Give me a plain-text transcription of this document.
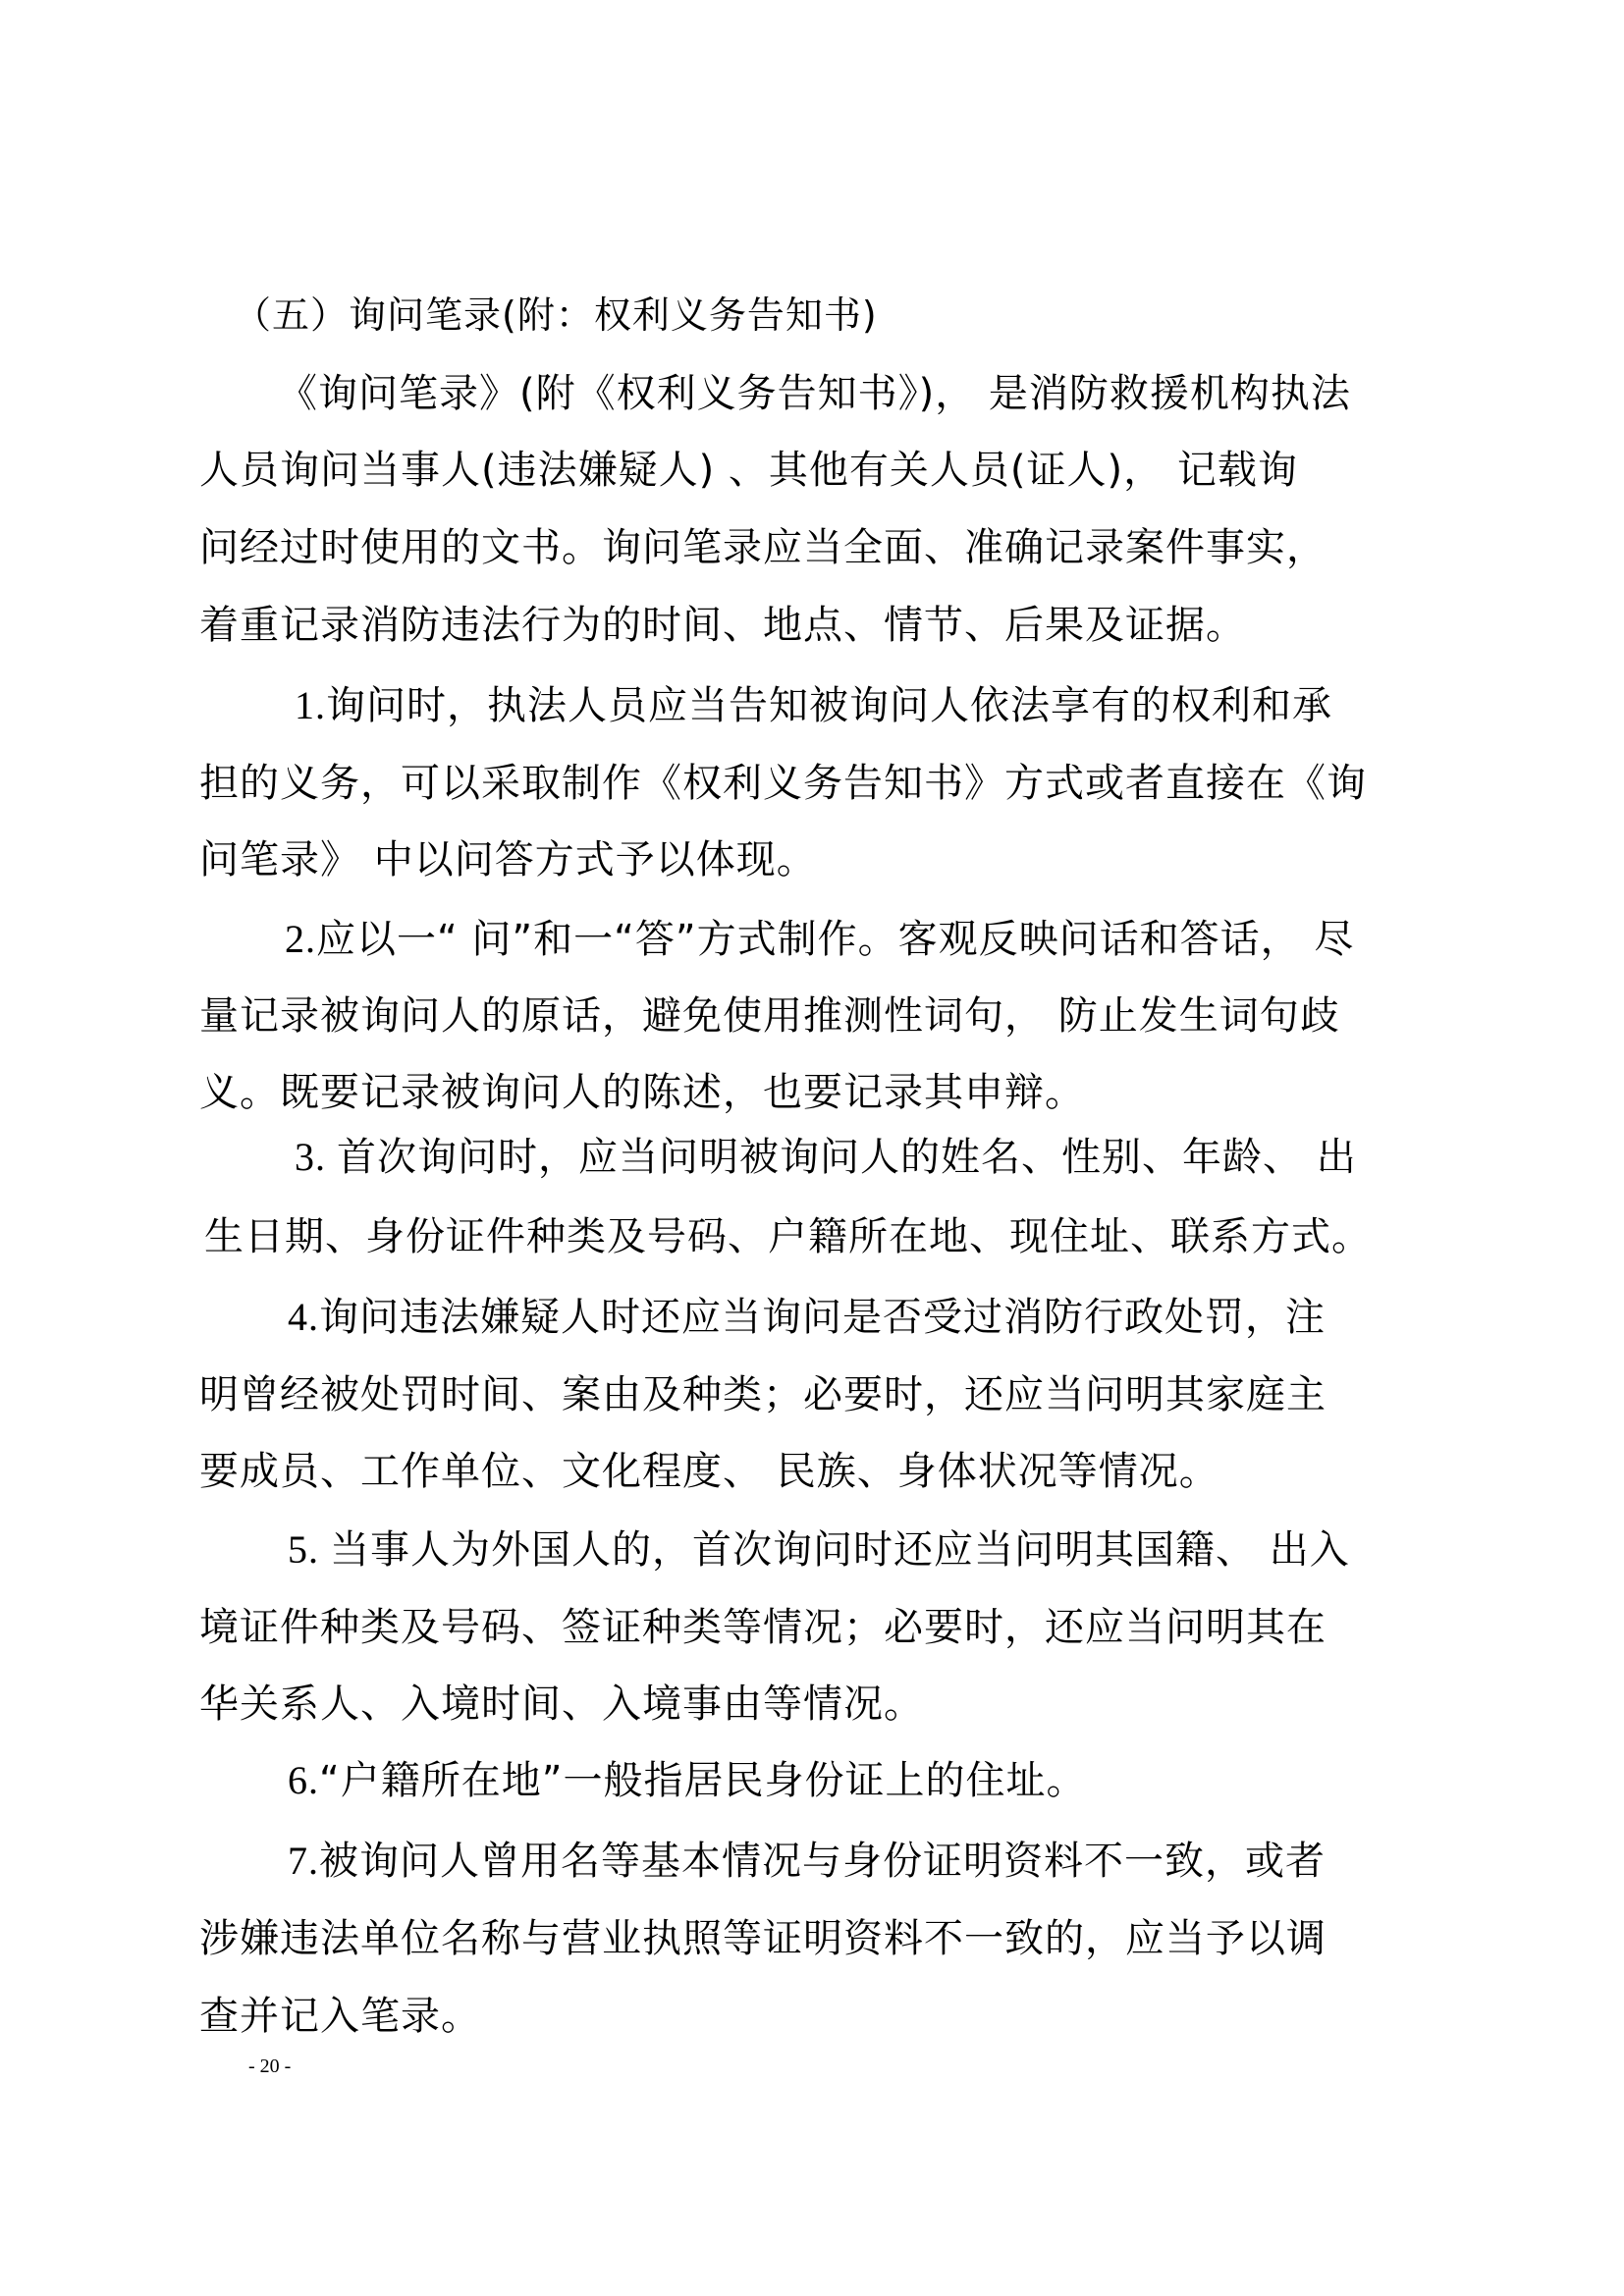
（五）询问笔录(附：权利义务告知书)
《询问笔录》(附《权利义务告知书》)， 是消防救援机构执法
人员询问当事人(违法嫌疑人) 、其他有关人员(证人)， 记载询
问经过时使用的文书。询问笔录应当全面、准确记录案件事实，
着重记录消防违法行为的时间、地点、情节、后果及证据。
1.询问时，执法人员应当告知被询问人依法享有的权利和承
担的义务，可以采取制作《权利义务告知书》方式或者直接在《询
问笔录》 中以问答方式予以体现。
2.应以一“ 问”和一“答”方式制作。客观反映问话和答话， 尽
量记录被询问人的原话，避免使用推测性词句， 防止发生词句歧
义。既要记录被询问人的陈述，也要记录其申辩。
3. 首次询问时，应当问明被询问人的姓名、性别、年龄、 出
生日期、身份证件种类及号码、户籍所在地、现住址、联系方式。
4.询问违法嫌疑人时还应当询问是否受过消防行政处罚，注
明曾经被处罚时间、案由及种类；必要时，还应当问明其家庭主
要成员、工作单位、文化程度、 民族、身体状况等情况。
5. 当事人为外国人的，首次询问时还应当问明其国籍、 出入
境证件种类及号码、签证种类等情况；必要时，还应当问明其在
华关系人、入境时间、入境事由等情况。
6.“户籍所在地”一般指居民身份证上的住址。
7.被询问人曾用名等基本情况与身份证明资料不一致，或者
涉嫌违法单位名称与营业执照等证明资料不一致的，应当予以调
查并记入笔录。
- 20 -
